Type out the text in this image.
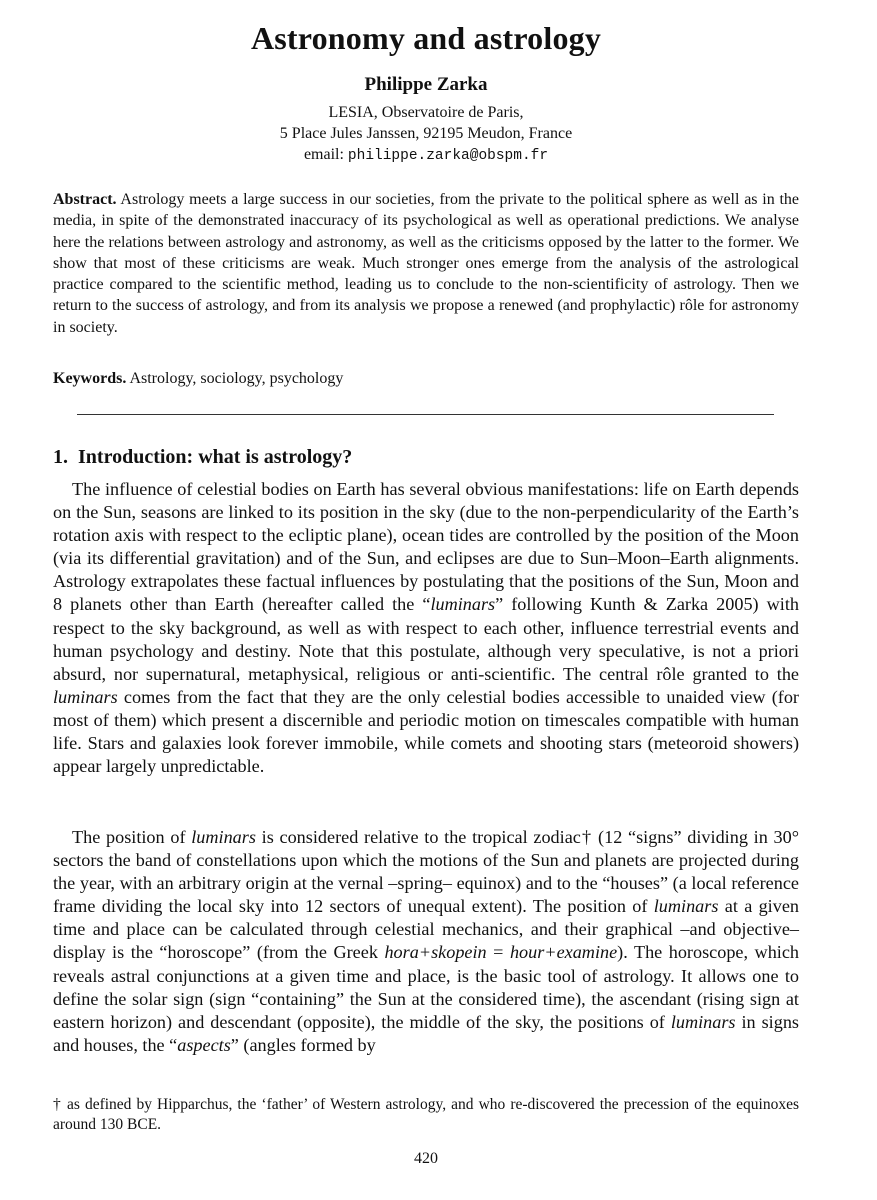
Astronomy and astrology
Philippe Zarka
LESIA, Observatoire de Paris,
5 Place Jules Janssen, 92195 Meudon, France
email: philippe.zarka@obspm.fr

Abstract. Astrology meets a large success in our societies, from the private to the political sphere as well as in the media, in spite of the demonstrated inaccuracy of its psychological as well as operational predictions. We analyse here the relations between astrology and astronomy, as well as the criticisms opposed by the latter to the former. We show that most of these criticisms are weak. Much stronger ones emerge from the analysis of the astrological practice compared to the scientific method, leading us to conclude to the non-scientificity of astrology. Then we return to the success of astrology, and from its analysis we propose a renewed (and prophylactic) rôle for astronomy in society.

Keywords. Astrology, sociology, psychology

1. Introduction: what is astrology?

The influence of celestial bodies on Earth has several obvious manifestations: life on Earth depends on the Sun, seasons are linked to its position in the sky (due to the non-perpendicularity of the Earth’s rotation axis with respect to the ecliptic plane), ocean tides are controlled by the position of the Moon (via its differential gravitation) and of the Sun, and eclipses are due to Sun–Moon–Earth alignments. Astrology extrapolates these factual influences by postulating that the positions of the Sun, Moon and 8 planets other than Earth (hereafter called the “luminars” following Kunth & Zarka 2005) with respect to the sky background, as well as with respect to each other, influence terrestrial events and human psychology and destiny. Note that this postulate, although very speculative, is not a priori absurd, nor supernatural, metaphysical, religious or anti-scientific. The central rôle granted to the luminars comes from the fact that they are the only celestial bodies accessible to unaided view (for most of them) which present a discernible and periodic motion on timescales compatible with human life. Stars and galaxies look forever immobile, while comets and shooting stars (meteoroid showers) appear largely unpredictable.

The position of luminars is considered relative to the tropical zodiac† (12 “signs” dividing in 30° sectors the band of constellations upon which the motions of the Sun and planets are projected during the year, with an arbitrary origin at the vernal –spring– equinox) and to the “houses” (a local reference frame dividing the local sky into 12 sectors of unequal extent). The position of luminars at a given time and place can be calculated through celestial mechanics, and their graphical –and objective– display is the “horoscope” (from the Greek hora+skopein = hour+examine). The horoscope, which reveals astral conjunctions at a given time and place, is the basic tool of astrology. It allows one to define the solar sign (sign “containing” the Sun at the considered time), the ascendant (rising sign at eastern horizon) and descendant (opposite), the middle of the sky, the positions of luminars in signs and houses, the “aspects” (angles formed by

† as defined by Hipparchus, the ‘father’ of Western astrology, and who re-discovered the precession of the equinoxes around 130 BCE.

420
